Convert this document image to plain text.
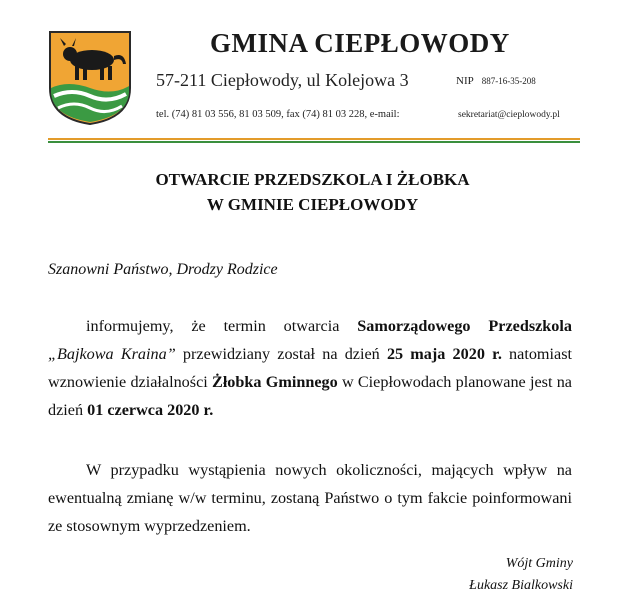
GMINA CIEPŁOWODY
57-211 Ciepłowody, ul Kolejowa 3	NIP 887-16-35-208
tel. (74) 81 03 556, 81 03 509, fax (74) 81 03 228, e-mail:	sekretariat@cieplowody.pl
OTWARCIE PRZEDSZKOLA I ŻŁOBKA
W GMINIE CIEPŁOWODY
Szanowni Państwo, Drodzy Rodzice

informujemy, że termin otwarcia Samorządowego Przedszkola „Bajkowa Kraina” przewidziany został na dzień 25 maja 2020 r. natomiast wznowienie działalności Żłobka Gminnego w Ciepłowodach planowane jest na dzień 01 czerwca 2020 r.

W przypadku wystąpienia nowych okoliczności, mających wpływ na ewentualną zmianę w/w terminu, zostaną Państwo o tym fakcie poinformowani ze stosownym wyprzedzeniem.

Wójt Gminy
Łukasz Bialkowski
